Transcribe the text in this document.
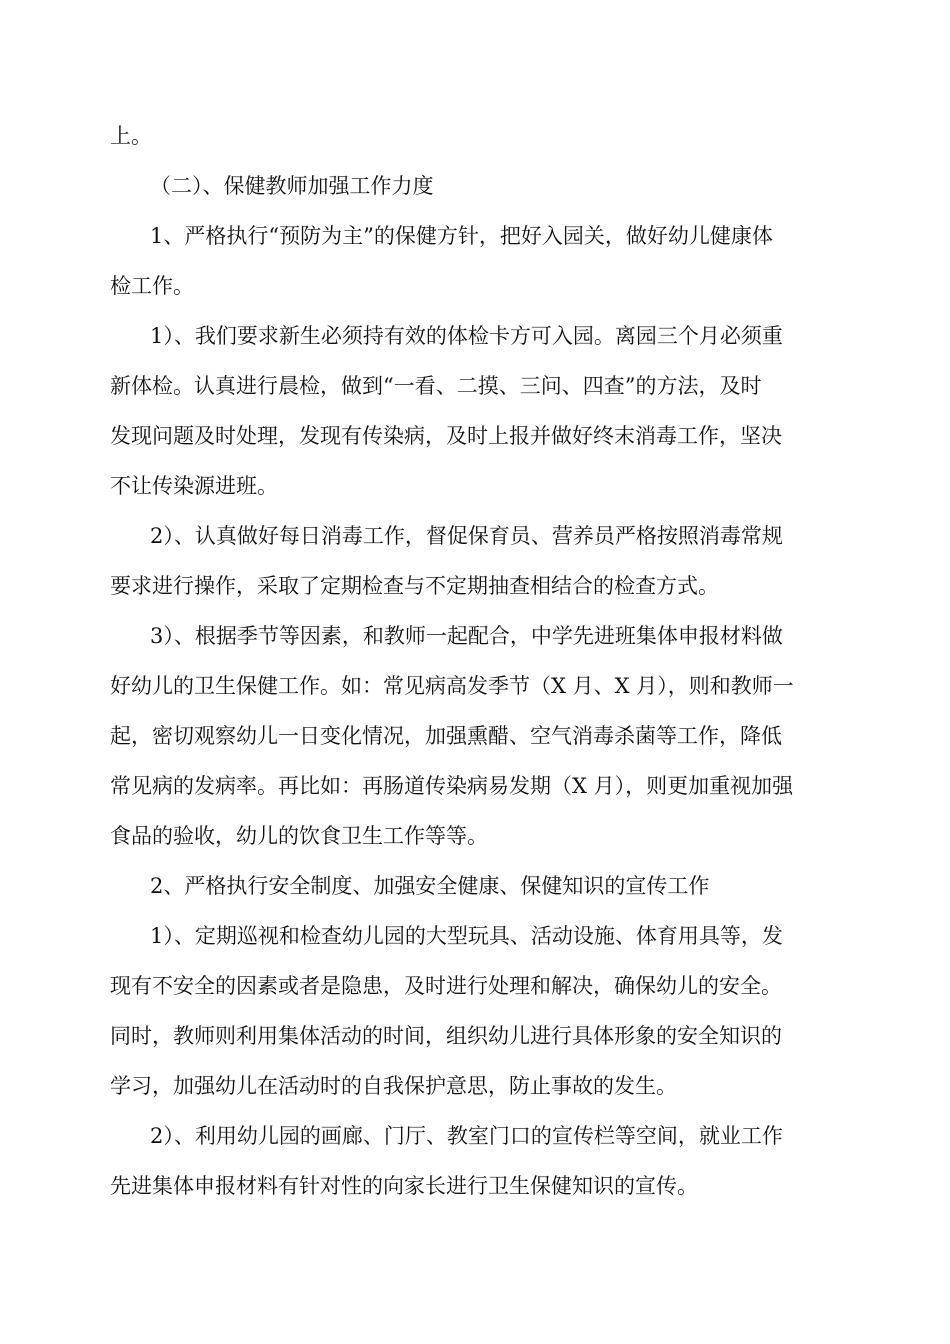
上。
（二）、保健教师加强工作力度
1、严格执行“预防为主”的保健方针，把好入园关，做好幼儿健康体
检工作。
1）、我们要求新生必须持有效的体检卡方可入园。离园三个月必须重
新体检。认真进行晨检，做到“一看、二摸、三问、四查”的方法，及时
发现问题及时处理，发现有传染病，及时上报并做好终末消毒工作，坚决
不让传染源进班。
2）、认真做好每日消毒工作，督促保育员、营养员严格按照消毒常规
要求进行操作，采取了定期检查与不定期抽查相结合的检查方式。
3）、根据季节等因素，和教师一起配合，中学先进班集体申报材料做
好幼儿的卫生保健工作。如：常见病高发季节（X 月、X 月），则和教师一
起，密切观察幼儿一日变化情况，加强熏醋、空气消毒杀菌等工作，降低
常见病的发病率。再比如：再肠道传染病易发期（X 月），则更加重视加强
食品的验收，幼儿的饮食卫生工作等等。
2、严格执行安全制度、加强安全健康、保健知识的宣传工作
1）、定期巡视和检查幼儿园的大型玩具、活动设施、体育用具等，发
现有不安全的因素或者是隐患，及时进行处理和解决，确保幼儿的安全。
同时，教师则利用集体活动的时间，组织幼儿进行具体形象的安全知识的
学习，加强幼儿在活动时的自我保护意思，防止事故的发生。
2）、利用幼儿园的画廊、门厅、教室门口的宣传栏等空间，就业工作
先进集体申报材料有针对性的向家长进行卫生保健知识的宣传。
